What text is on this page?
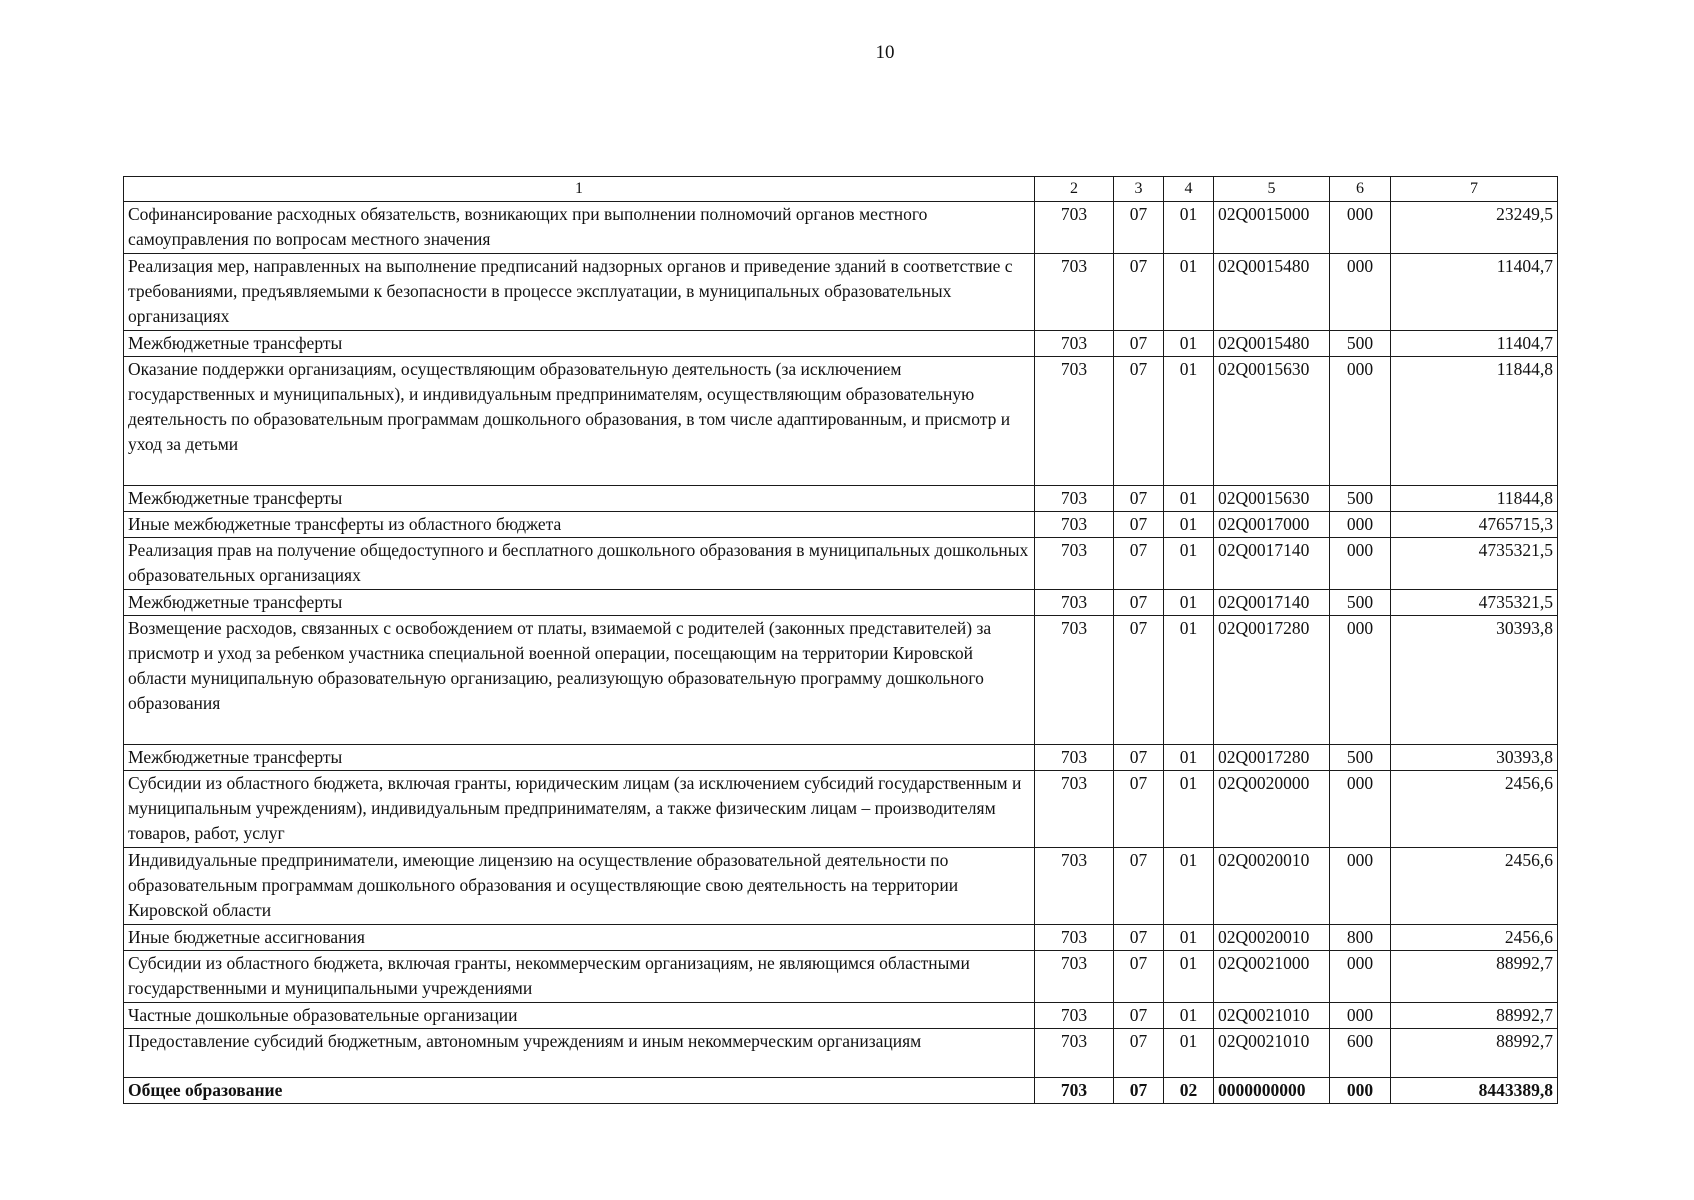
10
1	2	3	4	5	6	7
Софинансирование расходных обязательств, возникающих при выполнении полномочий органов местного самоуправления по вопросам местного значения	703	07	01	02Q0015000	000	23249,5
Реализация мер, направленных на выполнение предписаний надзорных органов и приведение зданий в соответствие с требованиями, предъявляемыми к безопасности в процессе эксплуатации, в муниципальных образовательных организациях	703	07	01	02Q0015480	000	11404,7
Межбюджетные трансферты	703	07	01	02Q0015480	500	11404,7
Оказание поддержки организациям, осуществляющим образовательную деятельность (за исключением государственных и муниципальных), и индивидуальным предпринимателям, осуществляющим образовательную деятельность по образовательным программам дошкольного образования, в том числе адаптированным, и присмотр и уход за детьми	703	07	01	02Q0015630	000	11844,8
Межбюджетные трансферты	703	07	01	02Q0015630	500	11844,8
Иные межбюджетные трансферты из областного бюджета	703	07	01	02Q0017000	000	4765715,3
Реализация прав на получение общедоступного и бесплатного дошкольного образования в муниципальных дошкольных образовательных организациях	703	07	01	02Q0017140	000	4735321,5
Межбюджетные трансферты	703	07	01	02Q0017140	500	4735321,5
Возмещение расходов, связанных с освобождением от платы, взимаемой с родителей (законных представителей) за присмотр и уход за ребенком участника специальной военной операции, посещающим на территории Кировской области муниципальную образовательную организацию, реализующую образовательную программу дошкольного образования	703	07	01	02Q0017280	000	30393,8
Межбюджетные трансферты	703	07	01	02Q0017280	500	30393,8
Субсидии из областного бюджета, включая гранты, юридическим лицам (за исключением субсидий государственным и муниципальным учреждениям), индивидуальным предпринимателям, а также физическим лицам – производителям товаров, работ, услуг	703	07	01	02Q0020000	000	2456,6
Индивидуальные предприниматели, имеющие лицензию на осуществление образовательной деятельности по образовательным программам дошкольного образования и осуществляющие свою деятельность на территории Кировской области	703	07	01	02Q0020010	000	2456,6
Иные бюджетные ассигнования	703	07	01	02Q0020010	800	2456,6
Субсидии из областного бюджета, включая гранты, некоммерческим организациям, не являющимся областными государственными и муниципальными учреждениями	703	07	01	02Q0021000	000	88992,7
Частные дошкольные образовательные организации	703	07	01	02Q0021010	000	88992,7
Предоставление субсидий бюджетным, автономным учреждениям и иным некоммерческим организациям	703	07	01	02Q0021010	600	88992,7
Общее образование	703	07	02	0000000000	000	8443389,8
